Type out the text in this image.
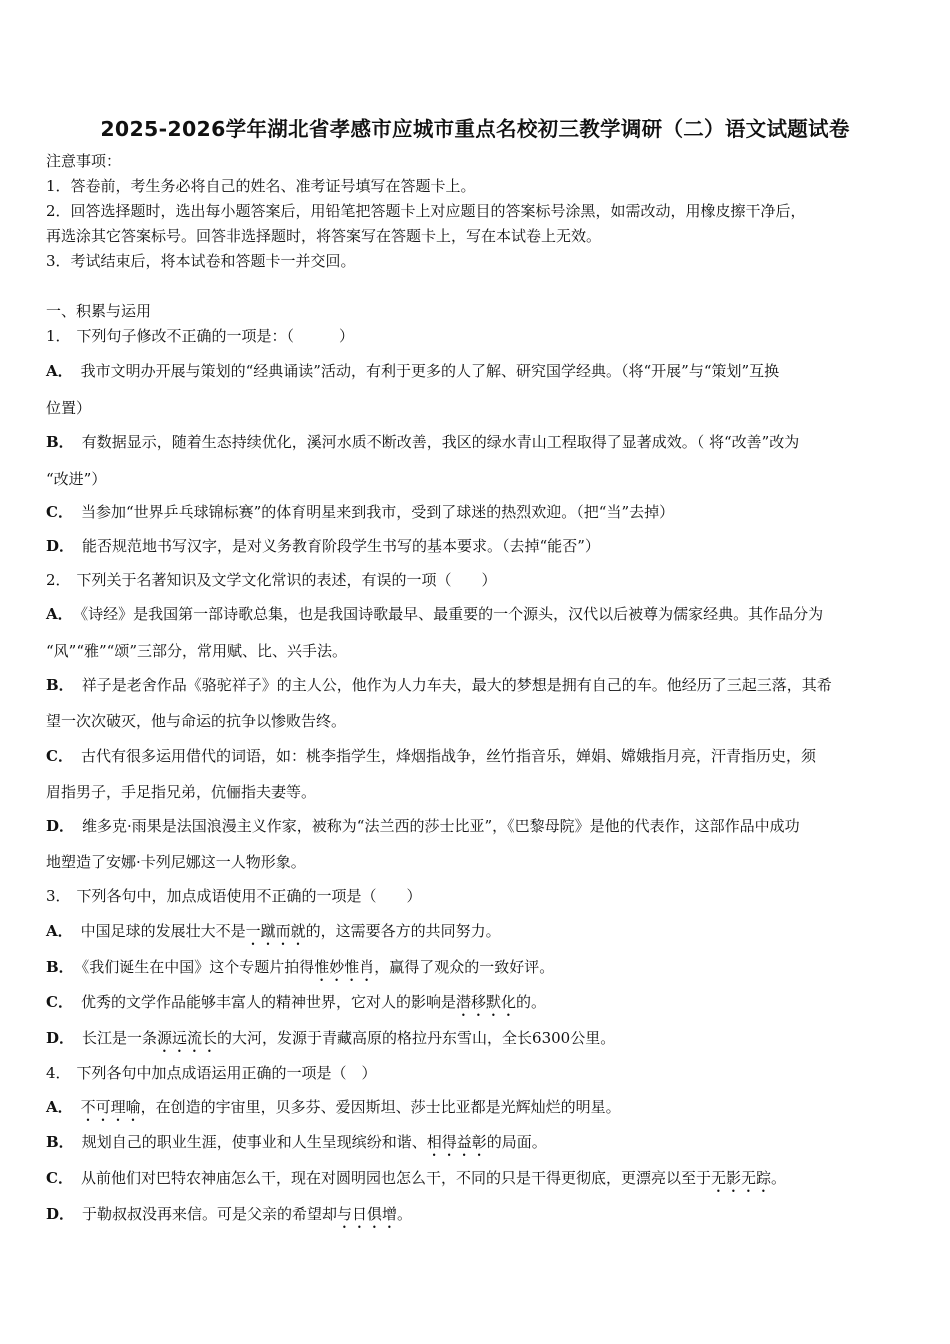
2025-2026学年湖北省孝感市应城市重点名校初三教学调研（二）语文试题试卷
注意事项：
1．答卷前，考生务必将自己的姓名、准考证号填写在答题卡上。
2．回答选择题时，选出每小题答案后，用铅笔把答题卡上对应题目的答案标号涂黑，如需改动，用橡皮擦干净后，
再选涂其它答案标号。回答非选择题时，将答案写在答题卡上，写在本试卷上无效。
3．考试结束后，将本试卷和答题卡一并交回。
一、积累与运用
1． 下列句子修改不正确的一项是：（　　　）
A． 我市文明办开展与策划的“经典诵读”活动，有利于更多的人了解、研究国学经典。（将“开展”与“策划”互换
位置）
B． 有数据显示，随着生态持续优化，溪河水质不断改善，我区的绿水青山工程取得了显著成效。（ 将“改善”改为
“改进”）
C． 当参加“世界乒乓球锦标赛”的体育明星来到我市，受到了球迷的热烈欢迎。（把“当”去掉）
D． 能否规范地书写汉字，是对义务教育阶段学生书写的基本要求。（去掉“能否”）
2． 下列关于名著知识及文学文化常识的表述，有误的一项（　　）
A． 《诗经》是我国第一部诗歌总集，也是我国诗歌最早、最重要的一个源头，汉代以后被尊为儒家经典。其作品分为
“风”“雅”“颂”三部分，常用赋、比、兴手法。
B． 祥子是老舍作品《骆驼祥子》的主人公，他作为人力车夫，最大的梦想是拥有自己的车。他经历了三起三落，其希
望一次次破灭，他与命运的抗争以惨败告终。
C． 古代有很多运用借代的词语，如：桃李指学生，烽烟指战争，丝竹指音乐，婵娟、嫦娥指月亮，汗青指历史，须
眉指男子，手足指兄弟，伉俪指夫妻等。
D． 维多克·雨果是法国浪漫主义作家，被称为“法兰西的莎士比亚”，《巴黎母院》是他的代表作，这部作品中成功
地塑造了安娜·卡列尼娜这一人物形象。
3． 下列各句中，加点成语使用不正确的一项是（　　）
A． 中国足球的发展壮大不是一蹴而就的，这需要各方的共同努力。
B． 《我们诞生在中国》这个专题片拍得惟妙惟肖，赢得了观众的一致好评。
C． 优秀的文学作品能够丰富人的精神世界，它对人的影响是潜移默化的。
D． 长江是一条源远流长的大河，发源于青藏高原的格拉丹东雪山，全长6300公里。
4． 下列各句中加点成语运用正确的一项是（　）
A． 不可理喻，在创造的宇宙里，贝多芬、爱因斯坦、莎士比亚都是光辉灿烂的明星。
B． 规划自己的职业生涯，使事业和人生呈现缤纷和谐、相得益彰的局面。
C． 从前他们对巴特农神庙怎么干，现在对圆明园也怎么干，不同的只是干得更彻底，更漂亮以至于无影无踪。
D． 于勒叔叔没再来信。可是父亲的希望却与日俱增。
